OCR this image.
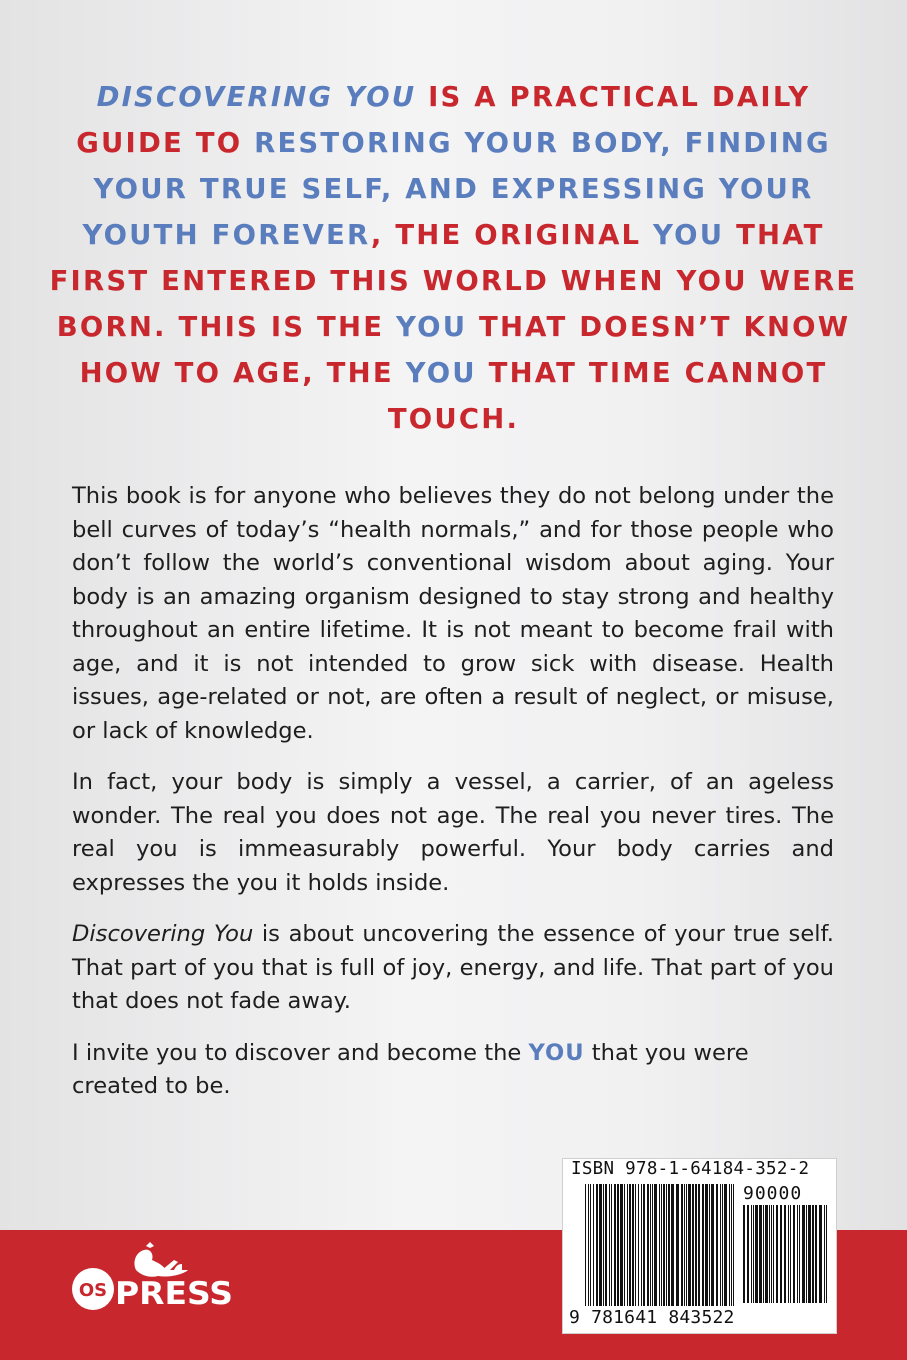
DISCOVERING YOU IS A PRACTICAL DAILY GUIDE TO RESTORING YOUR BODY, FINDING YOUR TRUE SELF, AND EXPRESSING YOUR YOUTH FOREVER, THE ORIGINAL YOU THAT FIRST ENTERED THIS WORLD WHEN YOU WERE BORN. THIS IS THE YOU THAT DOESN’T KNOW HOW TO AGE, THE YOU THAT TIME CANNOT TOUCH.

This book is for anyone who believes they do not belong under the bell curves of today’s “health normals,” and for those people who don’t follow the world’s conventional wisdom about aging. Your body is an amazing organism designed to stay strong and healthy throughout an entire lifetime. It is not meant to become frail with age, and it is not intended to grow sick with disease. Health issues, age-related or not, are often a result of neglect, or misuse, or lack of knowledge.

In fact, your body is simply a vessel, a carrier, of an ageless wonder. The real you does not age. The real you never tires. The real you is immeasurably powerful. Your body carries and expresses the you it holds inside.

Discovering You is about uncovering the essence of your true self. That part of you that is full of joy, energy, and life. That part of you that does not fade away.

I invite you to discover and become the YOU that you were created to be.

OS PRESS
ISBN 978-1-64184-352-2
90000
9 781641 843522
